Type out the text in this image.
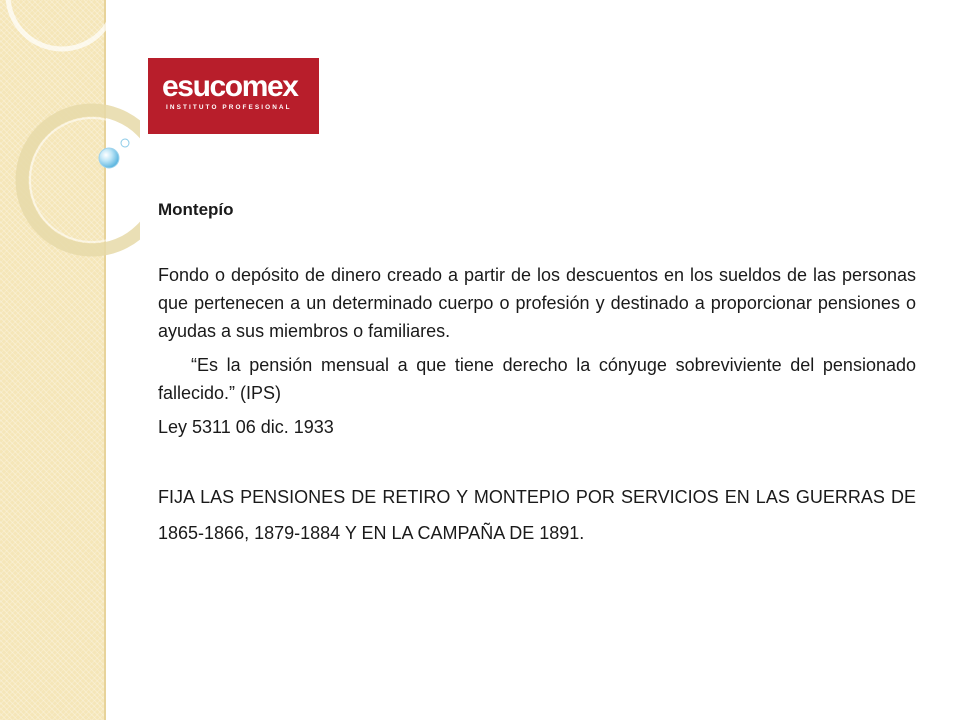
esucomex
INSTITUTO PROFESIONAL

Montepío

Fondo o depósito de dinero creado a partir de los descuentos en los sueldos de las personas que pertenecen a un determinado cuerpo o profesión y destinado a proporcionar pensiones o ayudas a sus miembros o familiares.

“Es la pensión mensual a que tiene derecho la cónyuge sobreviviente del pensionado fallecido.” (IPS)

Ley 5311 06 dic. 1933

FIJA LAS PENSIONES DE RETIRO Y MONTEPIO POR SERVICIOS EN LAS GUERRAS DE 1865-1866, 1879-1884 Y EN LA CAMPAÑA DE 1891.
